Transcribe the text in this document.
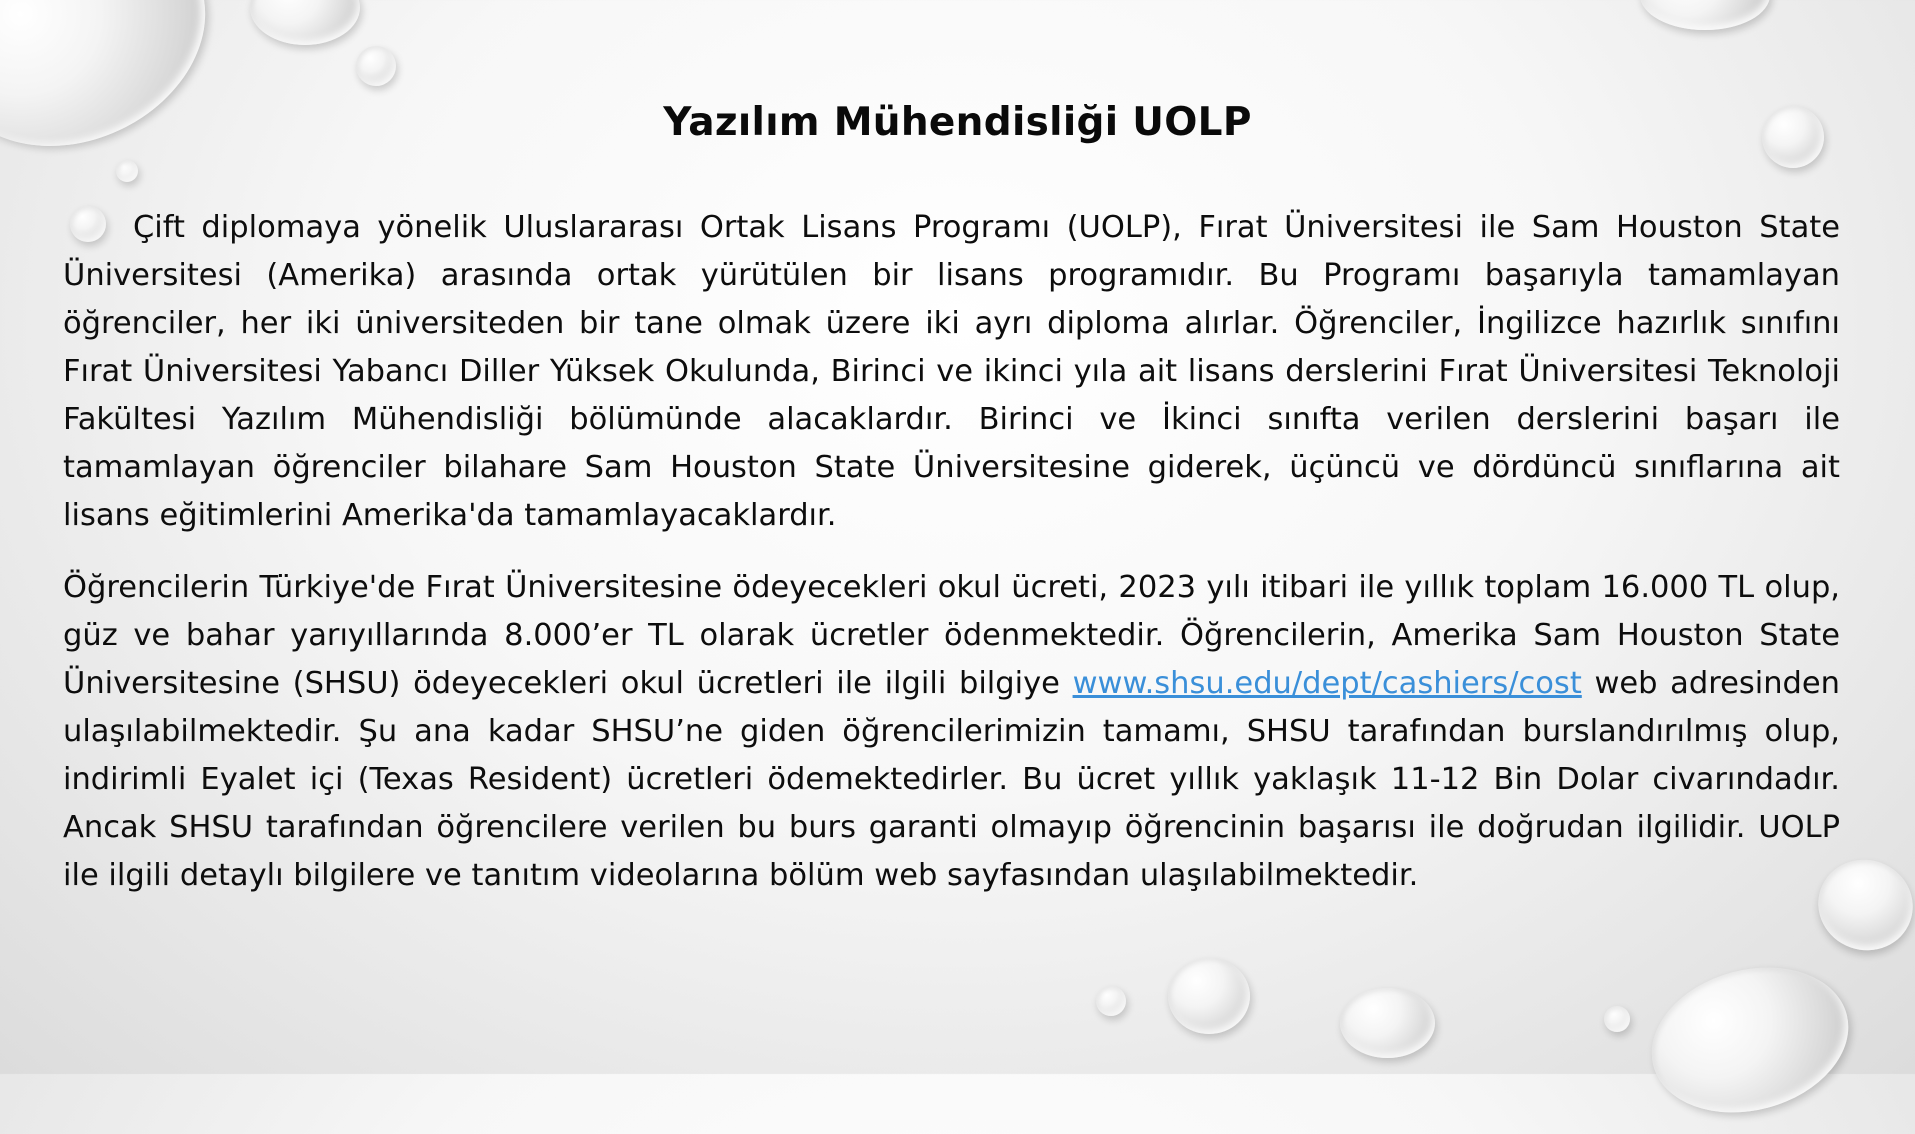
Yazılım Mühendisliği UOLP

Çift diplomaya yönelik Uluslararası Ortak Lisans Programı (UOLP), Fırat Üniversitesi ile Sam Houston State Üniversitesi (Amerika) arasında ortak yürütülen bir lisans programıdır. Bu Programı başarıyla tamamlayan öğrenciler, her iki üniversiteden bir tane olmak üzere iki ayrı diploma alırlar. Öğrenciler, İngilizce hazırlık sınıfını Fırat Üniversitesi Yabancı Diller Yüksek Okulunda, Birinci ve ikinci yıla ait lisans derslerini Fırat Üniversitesi Teknoloji Fakültesi Yazılım Mühendisliği bölümünde alacaklardır. Birinci ve İkinci sınıfta verilen derslerini başarı ile tamamlayan öğrenciler bilahare Sam Houston State Üniversitesine giderek, üçüncü ve dördüncü sınıflarına ait lisans eğitimlerini Amerika'da tamamlayacaklardır.

Öğrencilerin Türkiye'de Fırat Üniversitesine ödeyecekleri okul ücreti, 2023 yılı itibari ile yıllık toplam 16.000 TL olup, güz ve bahar yarıyıllarında 8.000’er TL olarak ücretler ödenmektedir. Öğrencilerin, Amerika Sam Houston State Üniversitesine (SHSU) ödeyecekleri okul ücretleri ile ilgili bilgiye www.shsu.edu/dept/cashiers/cost web adresinden ulaşılabilmektedir. Şu ana kadar SHSU’ne giden öğrencilerimizin tamamı, SHSU tarafından burslandırılmış olup, indirimli Eyalet içi (Texas Resident) ücretleri ödemektedirler. Bu ücret yıllık yaklaşık 11-12 Bin Dolar civarındadır. Ancak SHSU tarafından öğrencilere verilen bu burs garanti olmayıp öğrencinin başarısı ile doğrudan ilgilidir. UOLP ile ilgili detaylı bilgilere ve tanıtım videolarına bölüm web sayfasından ulaşılabilmektedir.
